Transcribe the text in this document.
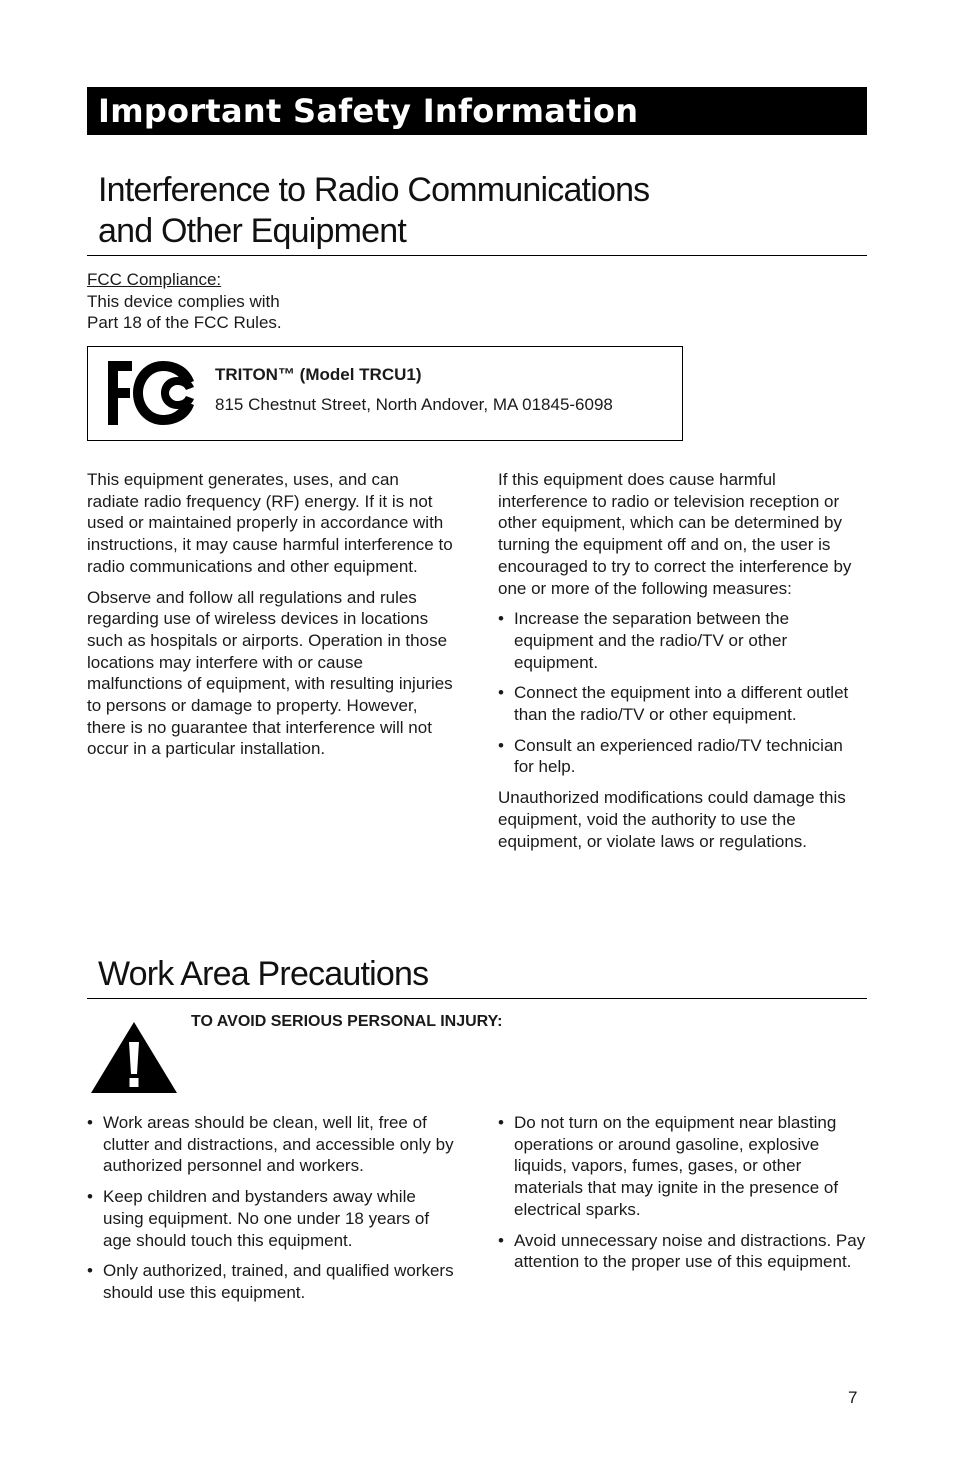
Important Safety Information
Interference to Radio Communications
and Other Equipment
FCC Compliance:
This device complies with
Part 18 of the FCC Rules.
TRITON™ (Model TRCU1)
815 Chestnut Street, North Andover, MA 01845-6098

This equipment generates, uses, and can radiate radio frequency (RF) energy. If it is not used or maintained properly in accordance with instructions, it may cause harmful interference to radio communications and other equipment.

Observe and follow all regulations and rules regarding use of wireless devices in locations such as hospitals or airports. Operation in those locations may interfere with or cause malfunctions of equipment, with resulting injuries to persons or damage to property. However, there is no guarantee that interference will not occur in a particular installation.

If this equipment does cause harmful interference to radio or television reception or other equipment, which can be determined by turning the equipment off and on, the user is encouraged to try to correct the interference by one or more of the following measures:

• Increase the separation between the equipment and the radio/TV or other equipment.
• Connect the equipment into a different outlet than the radio/TV or other equipment.
• Consult an experienced radio/TV technician for help.

Unauthorized modifications could damage this equipment, void the authority to use the equipment, or violate laws or regulations.

Work Area Precautions
TO AVOID SERIOUS PERSONAL INJURY:
• Work areas should be clean, well lit, free of clutter and distractions, and accessible only by authorized personnel and workers.
• Keep children and bystanders away while using equipment. No one under 18 years of age should touch this equipment.
• Only authorized, trained, and qualified workers should use this equipment.
• Do not turn on the equipment near blasting operations or around gasoline, explosive liquids, vapors, fumes, gases, or other materials that may ignite in the presence of electrical sparks.
• Avoid unnecessary noise and distractions. Pay attention to the proper use of this equipment.
7
